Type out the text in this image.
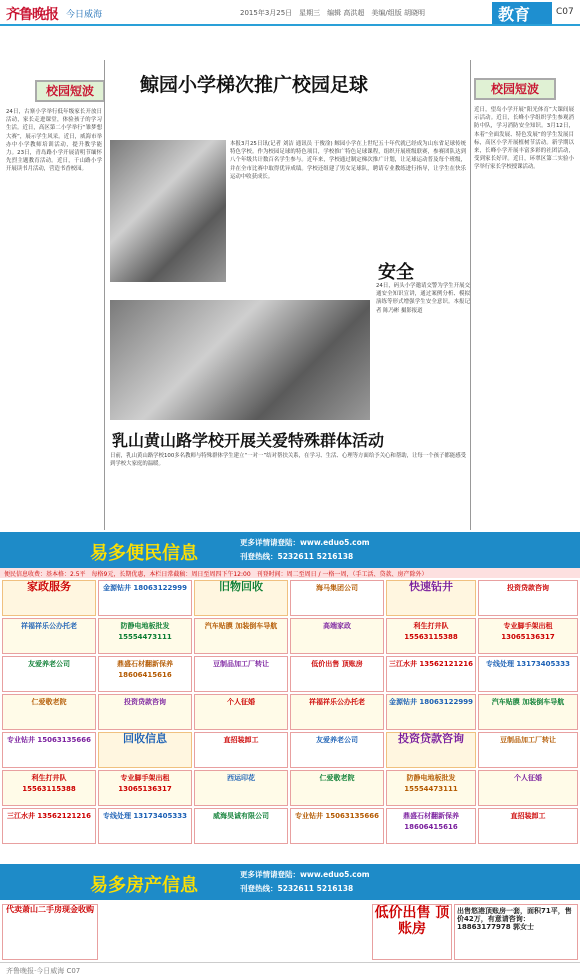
齐鲁晚报 今日威海	2015年3月25日　星期三　编辑 高洪超　美编/组版 胡晓明	教育	C07
校园短波	校园短波
24日，古寨小学举行低年级家长开放日活动，家长走进课堂，体验孩子的学习生活。近日，高区第二小学举行“雏梦想大赛”，展示学生风采。近日，威海市举办中小学教师培训活动，提升教学能力。23日，青岛路小学开展清明节缅怀先烈主题教育活动。近日，千山路小学开展读书月活动，营造书香校园。
鲸园小学梯次推广校园足球
本报3月25日讯(记者 刘洁 通讯员 于俊淦) 鲸园小学在上世纪五十年代就已经成为山东省足球传统特色学校。作为校园足球的特色项目，学校推广特色足球课程，组织开展班级联赛，参赛团队达到八个年级共计数百名学生参与。近年来，学校通过制定梯次推广计划，让足球运动普及每个班级，并在全市比赛中取得优异成绩。学校还组建了男女足球队，聘请专业教练进行指导，让学生在快乐运动中收获成长。
安全
24日，码头小学邀请交警为学生开展交通安全知识宣讲，通过案例分析、模拟演练等形式增强学生安全意识。本报记者 陈乃彬 摄影报道
乳山黄山路学校开展关爱特殊群体活动
日前，乳山黄山路学校100多名教师与特殊群体学生建立“一对一”结对帮扶关系，在学习、生活、心理等方面给予关心和帮助，让每一个孩子都能感受到学校大家庭的温暖。
近日，望岛小学开展“阳光体育”大课间展示活动。近日，长峰小学组织学生参观消防中队，学习消防安全知识。3月12日，本着“全面发展、特色发展”的学生发展目标，高区小学开展植树节活动。新学期以来，长峰小学开展丰富多彩的社团活动，受到家长好评。近日，环翠区第二实验小学举行家长学校授课活动。
易多便民信息
更多详情请登陆：www.eduo5.com
刊登热线：5232611 5216138
便民信息收费：基本格：2.5平　每格9元，长期优惠，本栏日常截稿：周日至周四下午12:00　刊登时间：周二至周日 / 一格一周，（手工活、贷款、房产除外）
家政服务
祥福祥乐公办托老
友爱养老公司
仁爱敬老院
专业钻井 15063135666
利生打井队 15563115388
三江水井 13562121216
金源钻井 18063122999
防静电地板批发 15554473111
鼎盛石材翻新保养 18606415616
投资贷款咨询
回收信息
专业脚手架出租 13065136317
专线处理 13173405333
旧物回收
汽车贴膜 加装倒车导航
豆制品加工厂转让
个人征婚
直招装卸工
西运印花
威海昊诚有限公司
海马集团公司
高端家政
低价出售 顶账房
祥福祥乐公办托老
友爱养老公司
仁爱敬老院
专业钻井 15063135666
快速钻井
利生打井队 15563115388
三江水井 13562121216
金源钻井 18063122999
投资贷款咨询
防静电地板批发 15554473111
鼎盛石材翻新保养 18606415616
投资贷款咨询
专业脚手架出租 13065136317
专线处理 13173405333
汽车贴膜 加装倒车导航
豆制品加工厂转让
个人征婚
直招装卸工
易多房产信息
更多详情请登陆：www.eduo5.com
刊登热线：5232611 5216138
代卖萧山二手房现金收购	低价出售 顶账房
出售悠港顶账房一套，面积71平，售价42万，有意请咨询：18863177978 郭女士
齐鲁晚报·今日威海 C07
